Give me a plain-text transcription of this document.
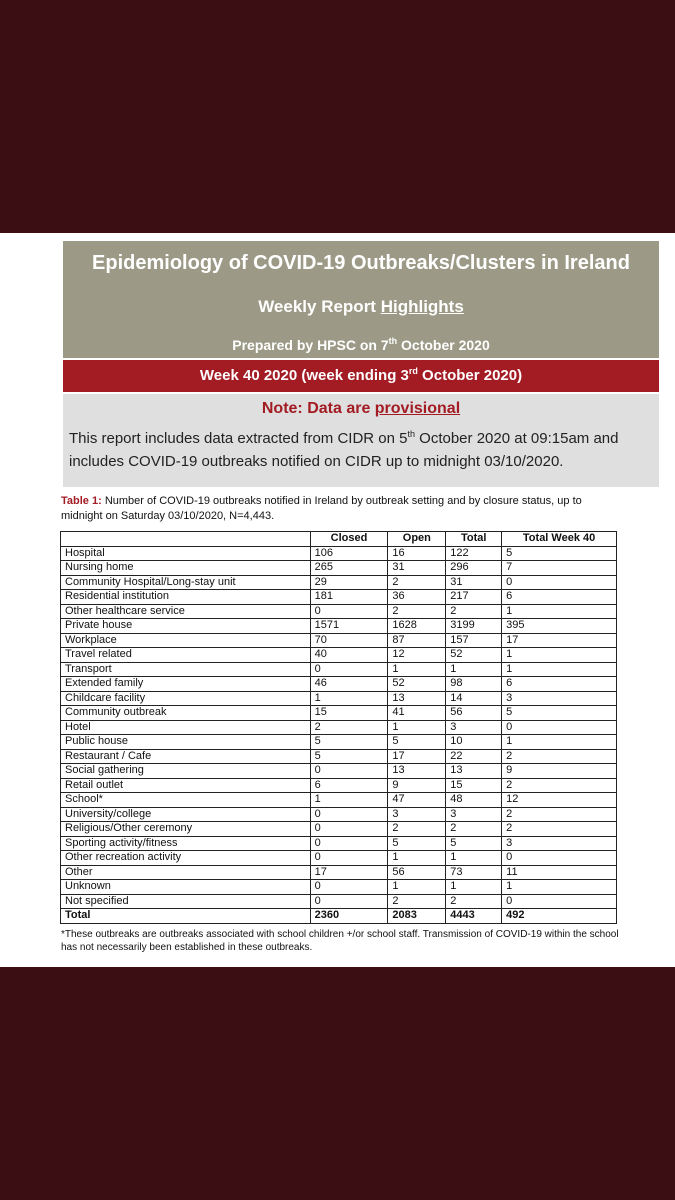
Epidemiology of COVID-19 Outbreaks/Clusters in Ireland
Weekly Report Highlights
Prepared by HPSC on 7th October 2020
Week 40 2020 (week ending 3rd October 2020)
Note: Data are provisional
This report includes data extracted from CIDR on 5th October 2020 at 09:15am and includes COVID-19 outbreaks notified on CIDR up to midnight 03/10/2020.
Table 1: Number of COVID-19 outbreaks notified in Ireland by outbreak setting and by closure status, up to midnight on Saturday 03/10/2020, N=4,443.
	Closed	Open	Total	Total Week 40
Hospital	106	16	122	5
Nursing home	265	31	296	7
Community Hospital/Long-stay unit	29	2	31	0
Residential institution	181	36	217	6
Other healthcare service	0	2	2	1
Private house	1571	1628	3199	395
Workplace	70	87	157	17
Travel related	40	12	52	1
Transport	0	1	1	1
Extended family	46	52	98	6
Childcare facility	1	13	14	3
Community outbreak	15	41	56	5
Hotel	2	1	3	0
Public house	5	5	10	1
Restaurant / Cafe	5	17	22	2
Social gathering	0	13	13	9
Retail outlet	6	9	15	2
School*	1	47	48	12
University/college	0	3	3	2
Religious/Other ceremony	0	2	2	2
Sporting activity/fitness	0	5	5	3
Other recreation activity	0	1	1	0
Other	17	56	73	11
Unknown	0	1	1	1
Not specified	0	2	2	0
Total	2360	2083	4443	492
*These outbreaks are outbreaks associated with school children +/or school staff. Transmission of COVID-19 within the school has not necessarily been established in these outbreaks.
